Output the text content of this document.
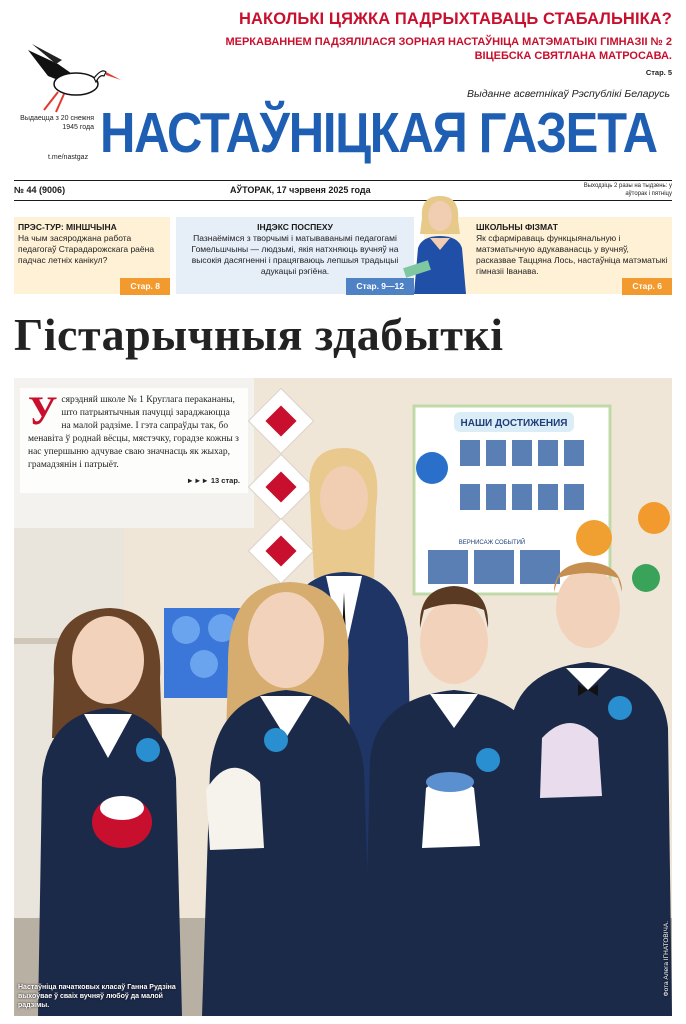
Выдаецца з 20 снежня 1945 года
t.me/nastgaz
НАКОЛЬКІ ЦЯЖКА ПАДРЫХТАВАЦЬ СТАБАЛЬНІКА?
МЕРКАВАННЕМ ПАДЗЯЛІЛАСЯ ЗОРНАЯ НАСТАЎНІЦА МАТЭМАТЫКІ ГІМНАЗІІ № 2 ВІЦЕБСКА СВЯТЛАНА МАТРОСАВА.
Стар. 5
Выданне асветнікаў Рэспублікі Беларусь
НАСТАЎНІЦКАЯ ГАЗЕТА
№ 44 (9006)	АЎТОРАК, 17 чэрвеня 2025 года	Выходзіць 2 разы на тыдзень: у аўторак і пятніцу
ПРЭС-ТУР: МІНШЧЫНА
На чым засяроджана работа педагогаў Старадарожскага раёна падчас летніх канікул?
Стар. 8
ІНДЭКС ПОСПЕХУ
Пазнаёмімся з творчымі і матываванымі педагогамі Гомельшчыны — людзьмі, якія натхняюць вучняў на высокія дасягненні і працягваюць лепшыя традыцыі адукацыі рэгіёна.
Стар. 9—12
ШКОЛЬНЫ ФІЗМАТ
Як сфарміраваць функцыянальную і матэматычную адукаванасць у вучняў, расказвае Таццяна Лось, настаўніца матэматыкі гімназіі Іванава.
Стар. 6
Гістарычныя здабыткі
НАШИ ДОСТИЖЕНИЯ
ВЕРНИСАЖ СОБЫТИЙ
У сярэдняй школе № 1 Круглага перакананы, што патрыятычныя пачуцці зараджаюцца на малой радзіме. І гэта сапраўды так, бо менавіта ў роднай вёсцы, мястэчку, горадзе кожны з нас упершыню адчувае сваю значнасць як жыхар, грамадзянін і патрыёт.
►►► 13 стар.
Настаўніца пачатковых класаў Ганна Рудзіна выхоўвае ў сваіх вучняў любоў да малой радзімы.
Фота Алега ІГНАТОВІЧА.
